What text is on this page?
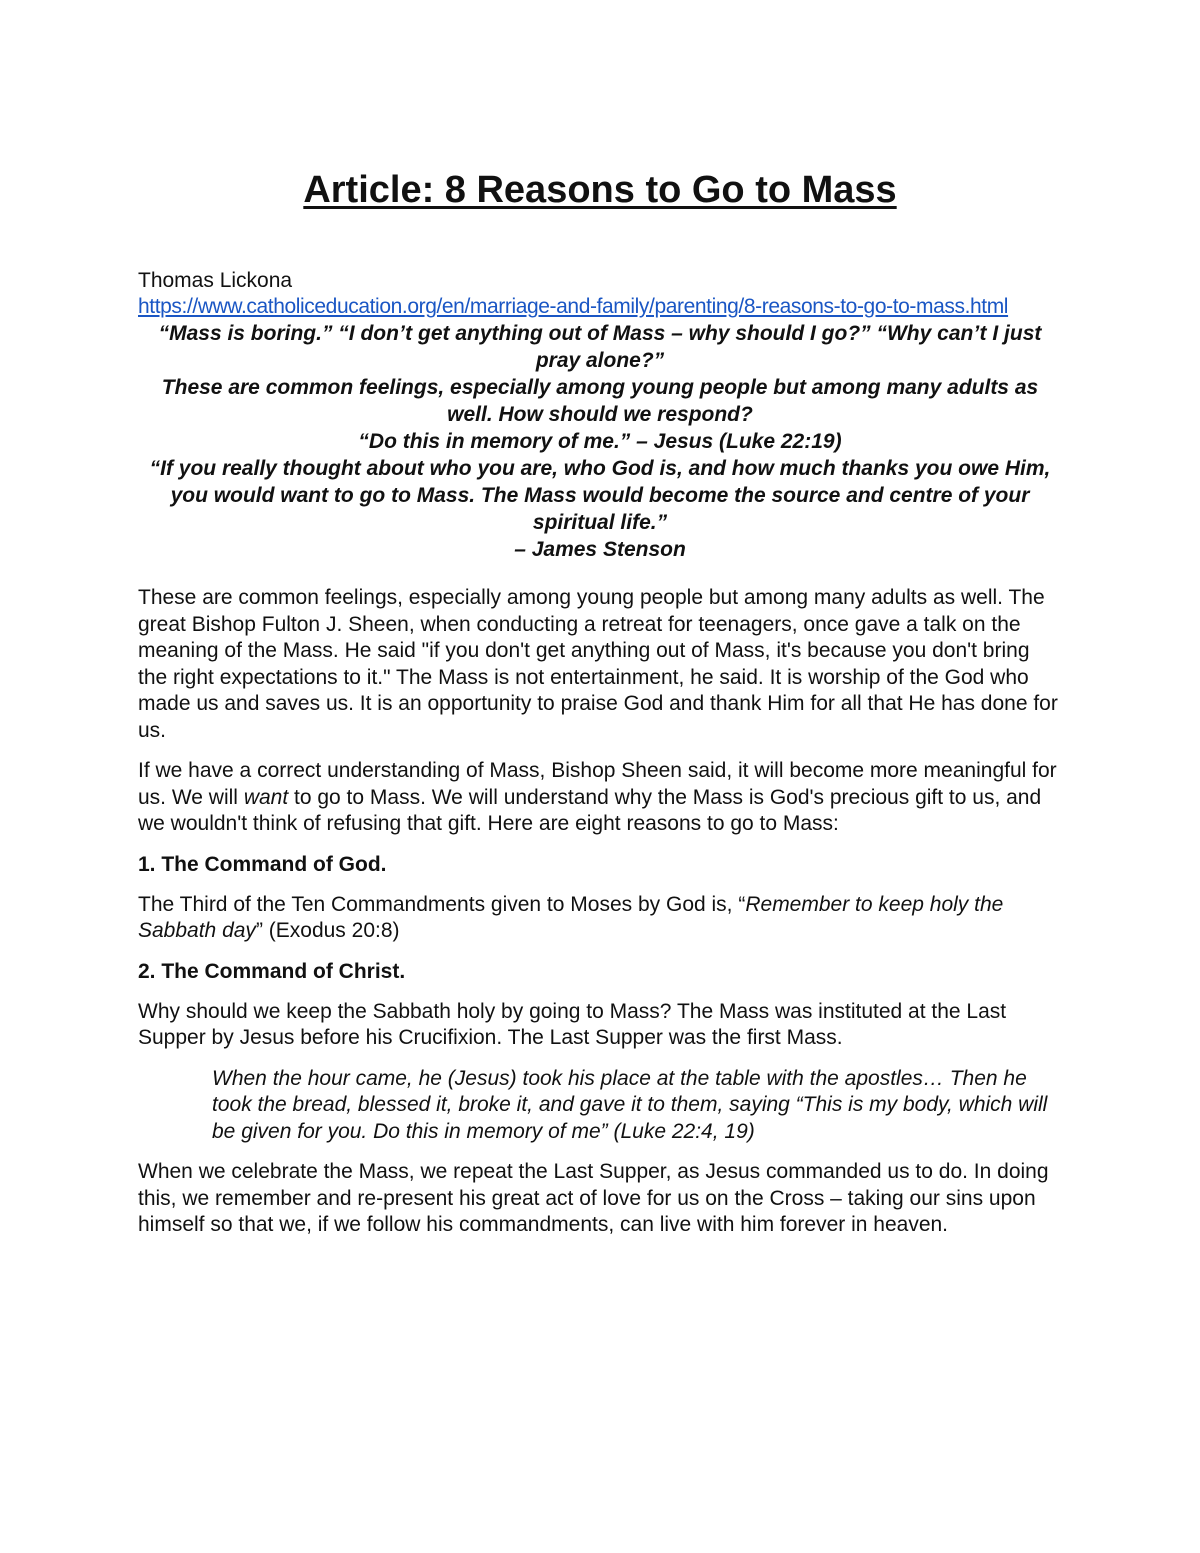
Article: 8 Reasons to Go to Mass

Thomas Lickona

https://www.catholiceducation.org/en/marriage-and-family/parenting/8-reasons-to-go-to-mass.html

“Mass is boring.” “I don’t get anything out of Mass – why should I go?” “Why can’t I just pray alone?”

These are common feelings, especially among young people but among many adults as well. How should we respond?

“Do this in memory of me.” – Jesus (Luke 22:19)

“If you really thought about who you are, who God is, and how much thanks you owe Him, you would want to go to Mass. The Mass would become the source and centre of your spiritual life.”

– James Stenson

These are common feelings, especially among young people but among many adults as well. The great Bishop Fulton J. Sheen, when conducting a retreat for teenagers, once gave a talk on the meaning of the Mass. He said "if you don't get anything out of Mass, it's because you don't bring the right expectations to it." The Mass is not entertainment, he said. It is worship of the God who made us and saves us. It is an opportunity to praise God and thank Him for all that He has done for us.

If we have a correct understanding of Mass, Bishop Sheen said, it will become more meaningful for us. We will want to go to Mass. We will understand why the Mass is God's precious gift to us, and we wouldn't think of refusing that gift. Here are eight reasons to go to Mass:

1. The Command of God.

The Third of the Ten Commandments given to Moses by God is, “Remember to keep holy the Sabbath day” (Exodus 20:8)

2. The Command of Christ.

Why should we keep the Sabbath holy by going to Mass? The Mass was instituted at the Last Supper by Jesus before his Crucifixion. The Last Supper was the first Mass.

When the hour came, he (Jesus) took his place at the table with the apostles… Then he took the bread, blessed it, broke it, and gave it to them, saying “This is my body, which will be given for you. Do this in memory of me” (Luke 22:4, 19)

When we celebrate the Mass, we repeat the Last Supper, as Jesus commanded us to do. In doing this, we remember and re-present his great act of love for us on the Cross – taking our sins upon himself so that we, if we follow his commandments, can live with him forever in heaven.
